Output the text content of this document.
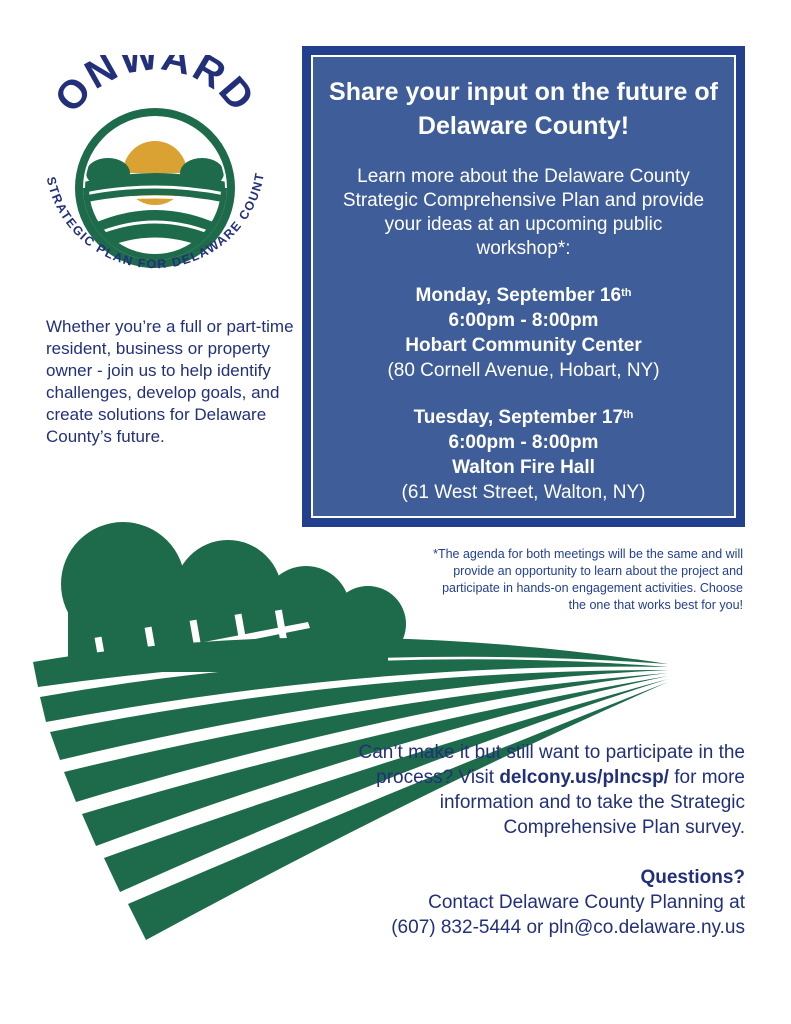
ONWARD
STRATEGIC PLAN FOR DELAWARE COUNT
Whether you’re a full or part-time resident, business or property owner - join us to help identify challenges, develop goals, and create solutions for Delaware County’s future.
Share your input on the future of Delaware County!
Learn more about the Delaware County Strategic Comprehensive Plan and provide your ideas at an upcoming public workshop*:
Monday, September 16th
6:00pm - 8:00pm
Hobart Community Center
(80 Cornell Avenue, Hobart, NY)
Tuesday, September 17th
6:00pm - 8:00pm
Walton Fire Hall
(61 West Street, Walton, NY)
*The agenda for both meetings will be the same and will provide an opportunity to learn about the project and participate in hands-on engagement activities. Choose the one that works best for you!
Can’t make it but still want to participate in the process? Visit delcony.us/plncsp/ for more information and to take the Strategic Comprehensive Plan survey.
Questions?
Contact Delaware County Planning at
(607) 832-5444 or pln@co.delaware.ny.us
